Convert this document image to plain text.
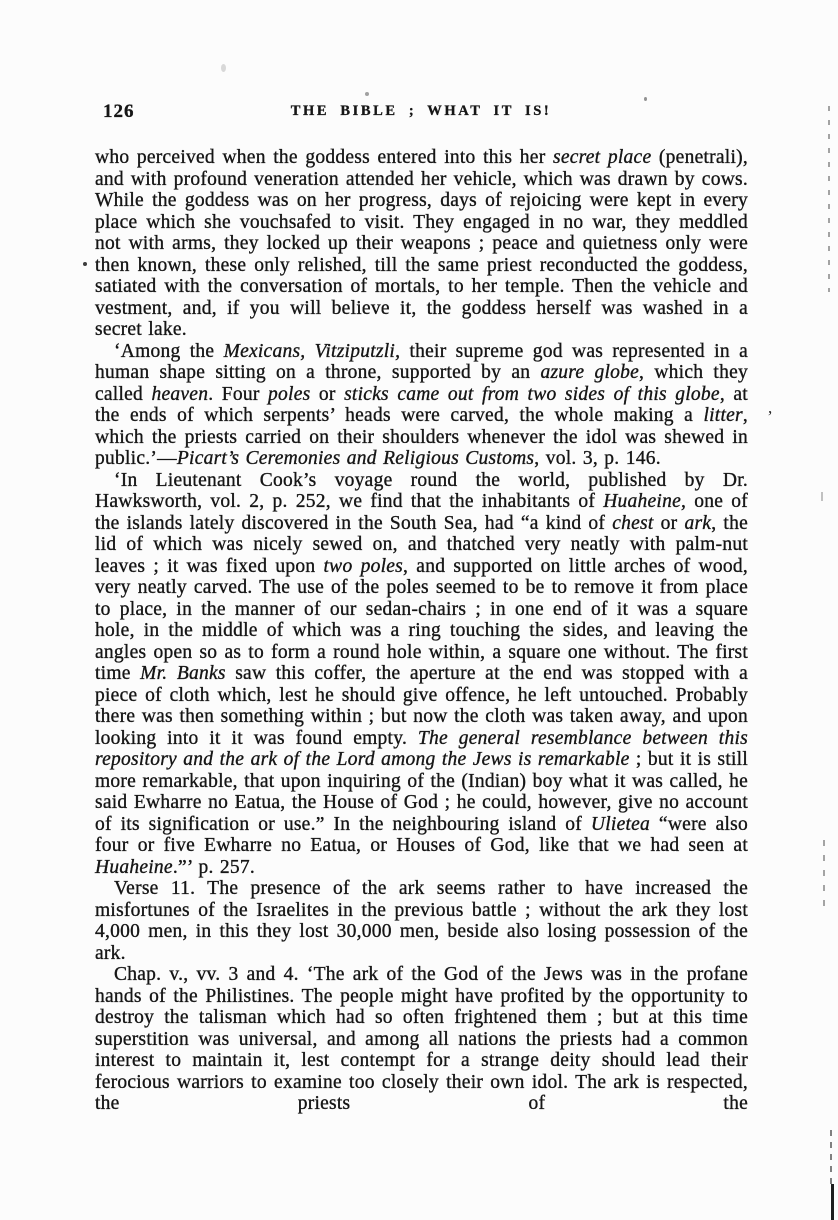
126	THE BIBLE ; WHAT IT IS!

who perceived when the goddess entered into this her secret place (penetrali), and with profound veneration attended her vehicle, which was drawn by cows. While the goddess was on her progress, days of rejoicing were kept in every place which she vouchsafed to visit. They engaged in no war, they meddled not with arms, they locked up their weapons ; peace and quietness only were then known, these only relished, till the same priest reconducted the goddess, satiated with the conversation of mortals, to her temple. Then the vehicle and vestment, and, if you will believe it, the goddess herself was washed in a secret lake.

‘Among the Mexicans, Vitziputzli, their supreme god was represented in a human shape sitting on a throne, supported by an azure globe, which they called heaven. Four poles or sticks came out from two sides of this globe, at the ends of which serpents’ heads were carved, the whole making a litter, which the priests carried on their shoulders whenever the idol was shewed in public.’—Picart’s Ceremonies and Religious Customs, vol. 3, p. 146.

‘In Lieutenant Cook’s voyage round the world, published by Dr. Hawksworth, vol. 2, p. 252, we find that the inhabitants of Huaheine, one of the islands lately discovered in the South Sea, had “a kind of chest or ark, the lid of which was nicely sewed on, and thatched very neatly with palm-nut leaves ; it was fixed upon two poles, and supported on little arches of wood, very neatly carved. The use of the poles seemed to be to remove it from place to place, in the manner of our sedan-chairs ; in one end of it was a square hole, in the middle of which was a ring touching the sides, and leaving the angles open so as to form a round hole within, a square one without. The first time Mr. Banks saw this coffer, the aperture at the end was stopped with a piece of cloth which, lest he should give offence, he left untouched. Probably there was then something within ; but now the cloth was taken away, and upon looking into it it was found empty. The general resemblance between this repository and the ark of the Lord among the Jews is remarkable ; but it is still more remarkable, that upon inquiring of the (Indian) boy what it was called, he said Ewharre no Eatua, the House of God ; he could, however, give no account of its signification or use.” In the neighbouring island of Ulietea “were also four or five Ewharre no Eatua, or Houses of God, like that we had seen at Huaheine.”’ p. 257.

Verse 11. The presence of the ark seems rather to have increased the misfortunes of the Israelites in the previous battle ; without the ark they lost 4,000 men, in this they lost 30,000 men, beside also losing possession of the ark.

Chap. v., vv. 3 and 4. ‘The ark of the God of the Jews was in the profane hands of the Philistines. The people might have profited by the opportunity to destroy the talisman which had so often frightened them ; but at this time superstition was universal, and among all nations the priests had a common interest to maintain it, lest contempt for a strange deity should lead their ferocious warriors to examine too closely their own idol. The ark is respected, the priests of the

,
